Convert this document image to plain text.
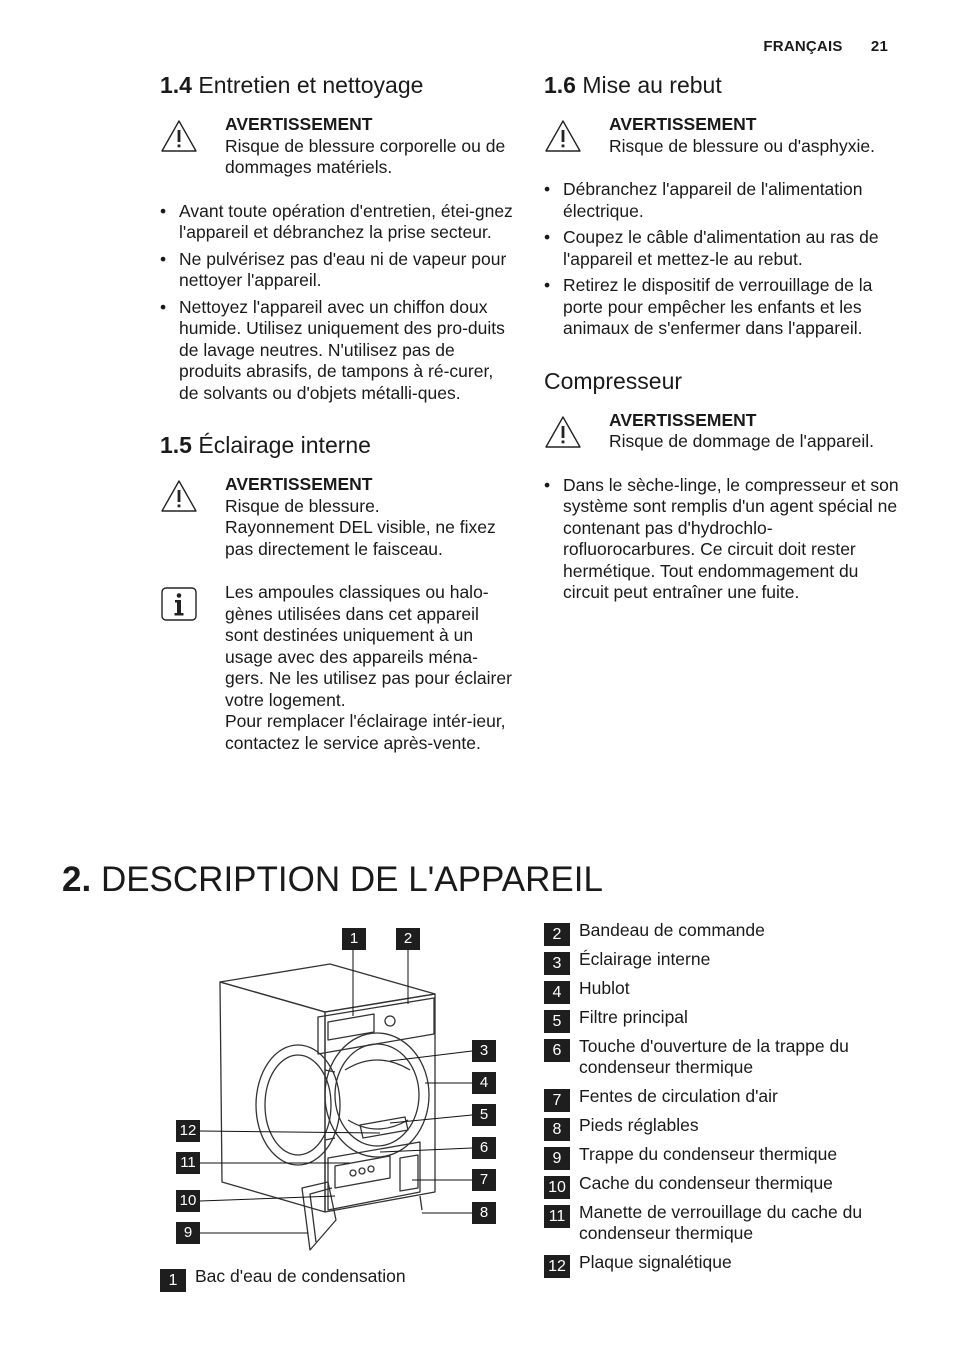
FRANÇAIS 21
1.4 Entretien et nettoyage
AVERTISSEMENT
Risque de blessure corporelle ou de dommages matériels.
• Avant toute opération d'entretien, étei-gnez l'appareil et débranchez la prise secteur.
• Ne pulvérisez pas d'eau ni de vapeur pour nettoyer l'appareil.
• Nettoyez l'appareil avec un chiffon doux humide. Utilisez uniquement des pro-duits de lavage neutres. N'utilisez pas de produits abrasifs, de tampons à ré-curer, de solvants ou d'objets métalli-ques.
1.5 Éclairage interne
AVERTISSEMENT
Risque de blessure.
Rayonnement DEL visible, ne fixez pas directement le faisceau.
Les ampoules classiques ou halo-gènes utilisées dans cet appareil sont destinées uniquement à un usage avec des appareils ména-gers. Ne les utilisez pas pour éclairer votre logement.
Pour remplacer l'éclairage intér-ieur, contactez le service après-vente.
1.6 Mise au rebut
AVERTISSEMENT
Risque de blessure ou d'asphyxie.
• Débranchez l'appareil de l'alimentation électrique.
• Coupez le câble d'alimentation au ras de l'appareil et mettez-le au rebut.
• Retirez le dispositif de verrouillage de la porte pour empêcher les enfants et les animaux de s'enfermer dans l'appareil.
Compresseur
AVERTISSEMENT
Risque de dommage de l'appareil.
• Dans le sèche-linge, le compresseur et son système sont remplis d'un agent spécial ne contenant pas d'hydrochlo-rofluorocarbures. Ce circuit doit rester hermétique. Tout endommagement du circuit peut entraîner une fuite.
2. DESCRIPTION DE L'APPAREIL
1	2
3
4
5
6
7
8
12
11
10
9
1	Bac d'eau de condensation
2	Bandeau de commande
3	Éclairage interne
4	Hublot
5	Filtre principal
6	Touche d'ouverture de la trappe du condenseur thermique
7	Fentes de circulation d'air
8	Pieds réglables
9	Trappe du condenseur thermique
10 Cache du condenseur thermique
11 Manette de verrouillage du cache du condenseur thermique
12 Plaque signalétique
